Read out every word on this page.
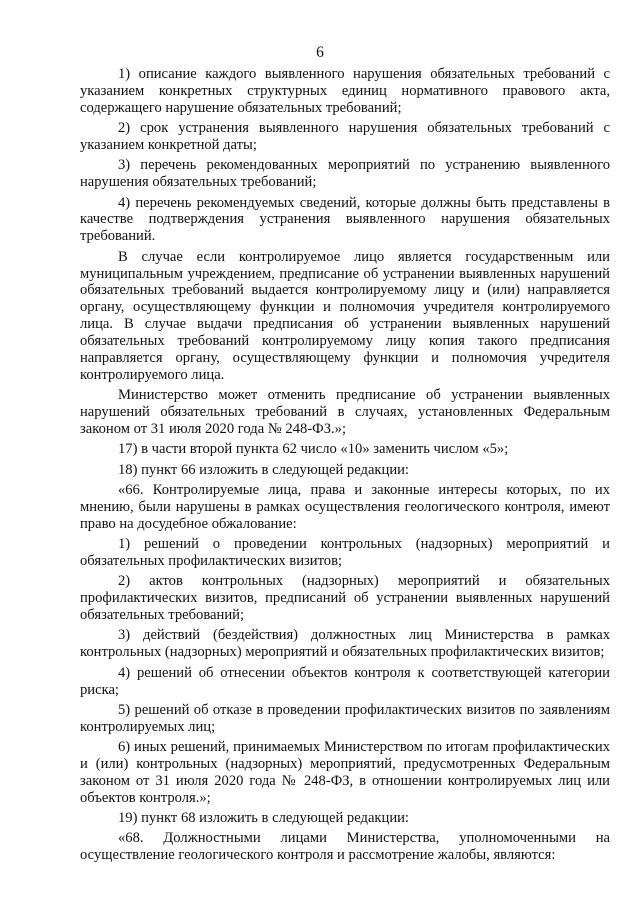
6

1) описание каждого выявленного нарушения обязательных требований с указанием конкретных структурных единиц нормативного правового акта, содержащего нарушение обязательных требований;

2) срок устранения выявленного нарушения обязательных требований с указанием конкретной даты;

3) перечень рекомендованных мероприятий по устранению выявленного нарушения обязательных требований;

4) перечень рекомендуемых сведений, которые должны быть представлены в качестве подтверждения устранения выявленного нарушения обязательных требований.

В случае если контролируемое лицо является государственным или муниципальным учреждением, предписание об устранении выявленных нарушений обязательных требований выдается контролируемому лицу и (или) направляется органу, осуществляющему функции и полномочия учредителя контролируемого лица. В случае выдачи предписания об устранении выявленных нарушений обязательных требований контролируемому лицу копия такого предписания направляется органу, осуществляющему функции и полномочия учредителя контролируемого лица.

Министерство может отменить предписание об устранении выявленных нарушений обязательных требований в случаях, установленных Федеральным законом от 31 июля 2020 года № 248-ФЗ.»;

17) в части второй пункта 62 число «10» заменить числом «5»;

18) пункт 66 изложить в следующей редакции:

«66. Контролируемые лица, права и законные интересы которых, по их мнению, были нарушены в рамках осуществления геологического контроля, имеют право на досудебное обжалование:

1) решений о проведении контрольных (надзорных) мероприятий и обязательных профилактических визитов;

2) актов контрольных (надзорных) мероприятий и обязательных профилактических визитов, предписаний об устранении выявленных нарушений обязательных требований;

3) действий (бездействия) должностных лиц Министерства в рамках контрольных (надзорных) мероприятий и обязательных профилактических визитов;

4) решений об отнесении объектов контроля к соответствующей категории риска;

5) решений об отказе в проведении профилактических визитов по заявлениям контролируемых лиц;

6) иных решений, принимаемых Министерством по итогам профилактических и (или) контрольных (надзорных) мероприятий, предусмотренных Федеральным законом от 31 июля 2020 года № 248-ФЗ, в отношении контролируемых лиц или объектов контроля.»;

19) пункт 68 изложить в следующей редакции:

«68. Должностными лицами Министерства, уполномоченными на осуществление геологического контроля и рассмотрение жалобы, являются:
